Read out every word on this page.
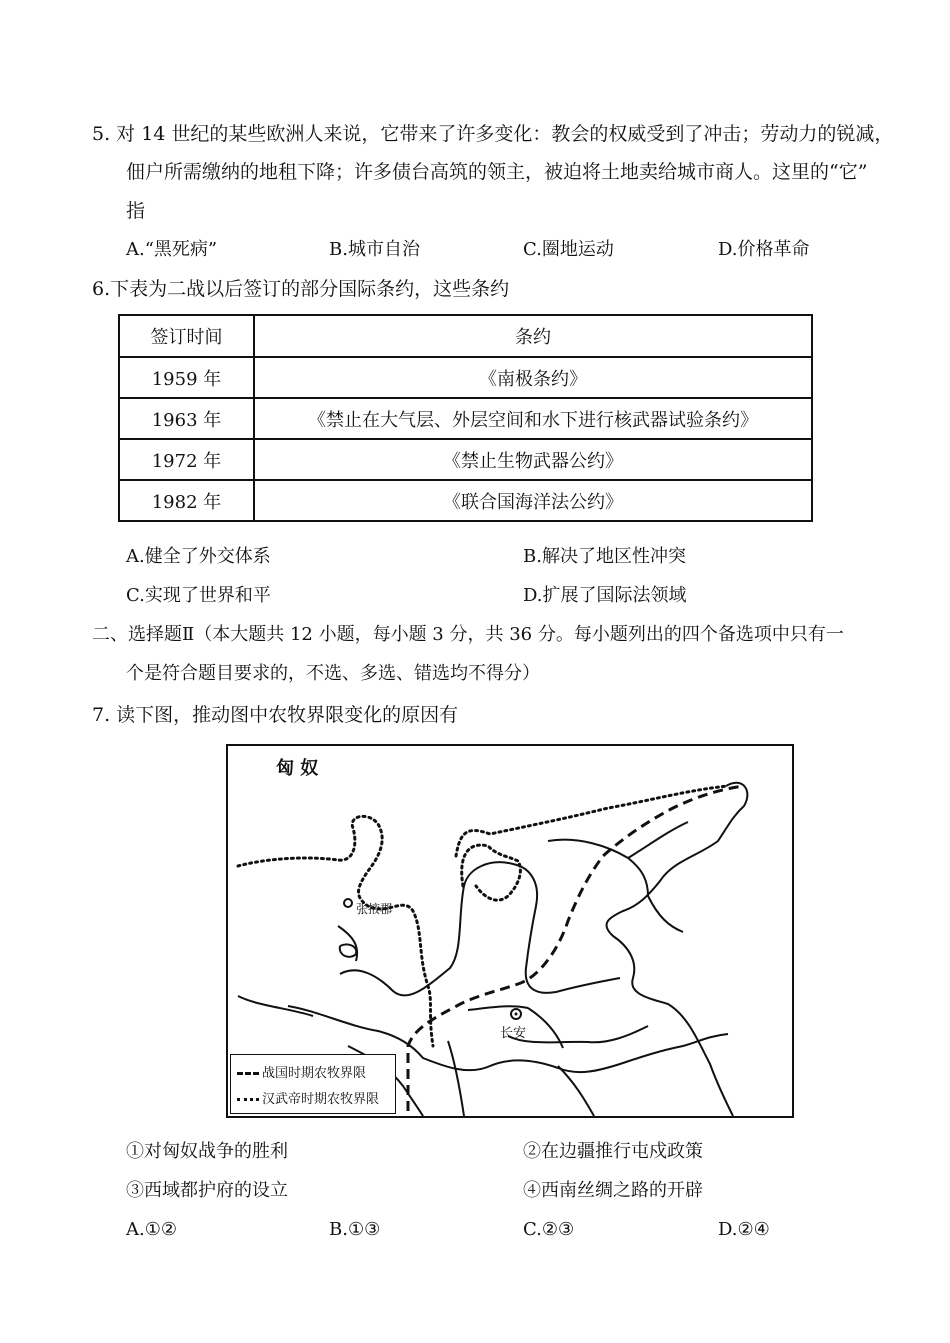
5. 对 14 世纪的某些欧洲人来说，它带来了许多变化：教会的权威受到了冲击；劳动力的锐减，
佃户所需缴纳的地租下降；许多债台高筑的领主，被迫将土地卖给城市商人。这里的“它”
指
A.“黑死病”	B.城市自治	C.圈地运动	D.价格革命
6.下表为二战以后签订的部分国际条约，这些条约
签订时间	条约
1959 年	《南极条约》
1963 年	《禁止在大气层、外层空间和水下进行核武器试验条约》
1972 年	《禁止生物武器公约》
1982 年	《联合国海洋法公约》
A.健全了外交体系	B.解决了地区性冲突
C.实现了世界和平	D.扩展了国际法领域
二、选择题Ⅱ（本大题共 12 小题，每小题 3 分，共 36 分。每小题列出的四个备选项中只有一
个是符合题目要求的，不选、多选、错选均不得分）
7. 读下图，推动图中农牧界限变化的原因有
匈 奴
张掖郡
长安
战国时期农牧界限
汉武帝时期农牧界限
①对匈奴战争的胜利	②在边疆推行屯戍政策
③西域都护府的设立	④西南丝绸之路的开辟
A.①②	B.①③	C.②③	D.②④
